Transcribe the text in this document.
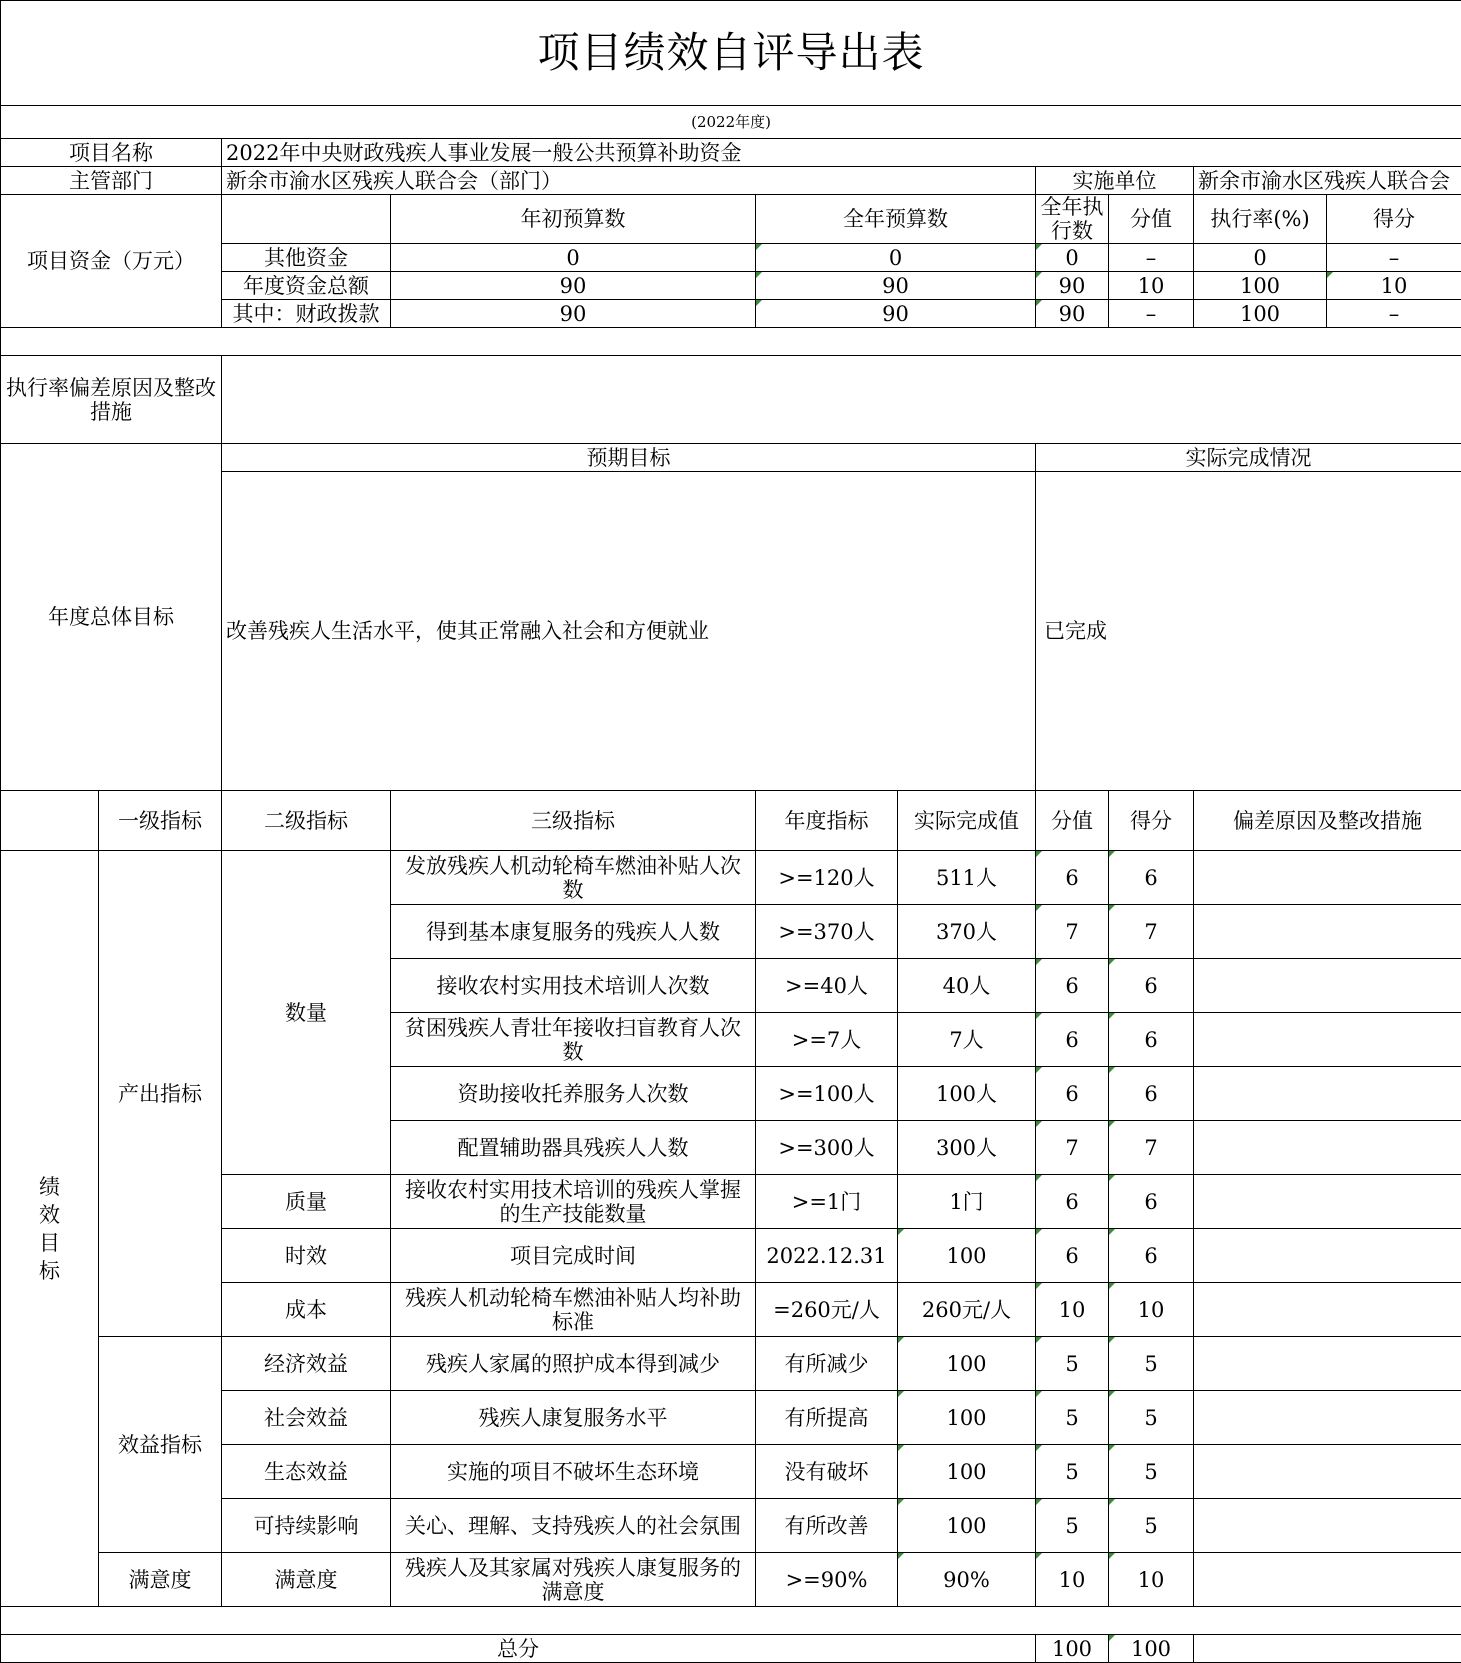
项目绩效自评导出表									
(2022年度)									
项目名称		2022年中央财政残疾人事业发展一般公共预算补助资金							
主管部门		新余市渝水区残疾人联合会（部门）				实施单位		新余市渝水区残疾人联合会	
项目资金（万元）			年初预算数	全年预算数		全年执行数	分值	执行率(%)	得分
		其他资金	0	0		0	–	0	–
		年度资金总额	90	90		90	10	100	10
		其中：财政拨款	90	90		90	–	100	–

执行率偏差原因及整改措施									
年度总体目标		预期目标				实际完成情况			
		改善残疾人生活水平，使其正常融入社会和方便就业				已完成			
	一级指标	二级指标	三级指标	年度指标	实际完成值	分值	得分	偏差原因及整改措施	

绩
效
目
标	产出指标	数量	发放残疾人机动轮椅车燃油补贴人次数	>=120人	511人	6	6		
			得到基本康复服务的残疾人人数	>=370人	370人	7	7		
			接收农村实用技术培训人次数	>=40人	40人	6	6		
			贫困残疾人青壮年接收扫盲教育人次数	>=7人	7人	6	6		
			资助接收托养服务人次数	>=100人	100人	6	6		
			配置辅助器具残疾人人数	>=300人	300人	7	7		
		质量	接收农村实用技术培训的残疾人掌握的生产技能数量	>=1门	1门	6	6		
		时效	项目完成时间	2022.12.31	100	6	6		
		成本	残疾人机动轮椅车燃油补贴人均补助标准	=260元/人	260元/人	10	10		
	效益指标	经济效益	残疾人家属的照护成本得到减少	有所减少	100	5	5		
		社会效益	残疾人康复服务水平	有所提高	100	5	5		
		生态效益	实施的项目不破坏生态环境	没有破坏	100	5	5		
		可持续影响	关心、理解、支持残疾人的社会氛围	有所改善	100	5	5		
	满意度	满意度	残疾人及其家属对残疾人康复服务的满意度	>=90%	90%	10	10		

总分						100	100		
